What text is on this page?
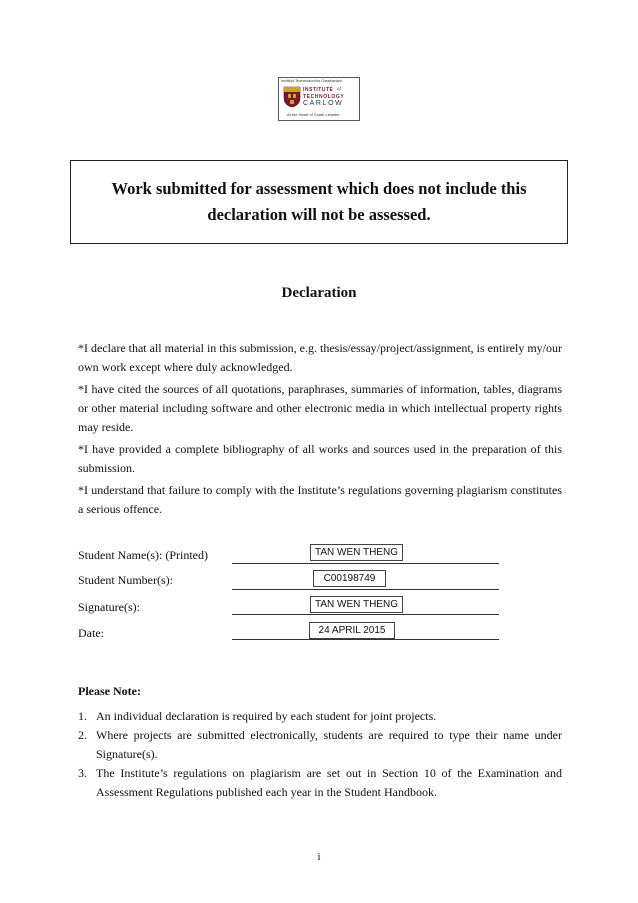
Institiúid Teicneolaíochta Cheatharlach
INSTITUTE of
TECHNOLOGY
CARLOW
At the Heart of South Leinster
Work submitted for assessment which does not include this
declaration will not be assessed.
Declaration
*I declare that all material in this submission, e.g. thesis/essay/project/assignment, is entirely my/our own work except where duly acknowledged.
*I have cited the sources of all quotations, paraphrases, summaries of information, tables, diagrams or other material including software and other electronic media in which intellectual property rights may reside.
*I have provided a complete bibliography of all works and sources used in the preparation of this submission.
*I understand that failure to comply with the Institute’s regulations governing plagiarism constitutes a serious offence.
Student Name(s): (Printed)	TAN WEN THENG
Student Number(s):	C00198749
Signature(s):	TAN WEN THENG
Date:	24 APRIL 2015
Please Note:
1. An individual declaration is required by each student for joint projects.
2. Where projects are submitted electronically, students are required to type their name under Signature(s).
3. The Institute’s regulations on plagiarism are set out in Section 10 of the Examination and Assessment Regulations published each year in the Student Handbook.
i
